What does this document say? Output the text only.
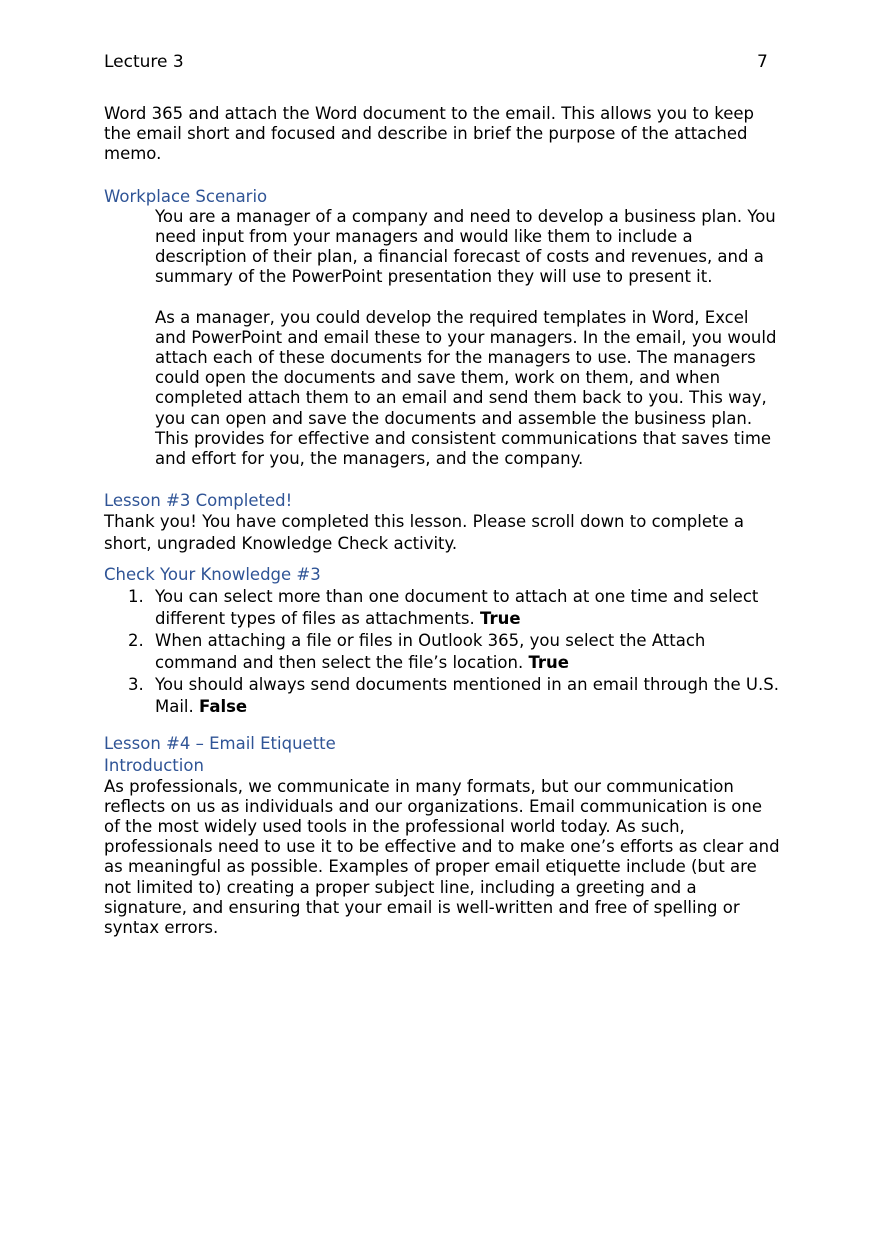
Lecture 3	7

Word 365 and attach the Word document to the email. This allows you to keep the email short and focused and describe in brief the purpose of the attached memo.

Workplace Scenario

You are a manager of a company and need to develop a business plan. You need input from your managers and would like them to include a description of their plan, a financial forecast of costs and revenues, and a summary of the PowerPoint presentation they will use to present it.

As a manager, you could develop the required templates in Word, Excel and PowerPoint and email these to your managers. In the email, you would attach each of these documents for the managers to use. The managers could open the documents and save them, work on them, and when completed attach them to an email and send them back to you. This way, you can open and save the documents and assemble the business plan. This provides for effective and consistent communications that saves time and effort for you, the managers, and the company.

Lesson #3 Completed!

Thank you! You have completed this lesson. Please scroll down to complete a short, ungraded Knowledge Check activity.

Check Your Knowledge #3

1. You can select more than one document to attach at one time and select different types of files as attachments. True
2. When attaching a file or files in Outlook 365, you select the Attach command and then select the file’s location. True
3. You should always send documents mentioned in an email through the U.S. Mail. False

Lesson #4 – Email Etiquette

Introduction

As professionals, we communicate in many formats, but our communication reflects on us as individuals and our organizations. Email communication is one of the most widely used tools in the professional world today. As such, professionals need to use it to be effective and to make one’s efforts as clear and as meaningful as possible. Examples of proper email etiquette include (but are not limited to) creating a proper subject line, including a greeting and a signature, and ensuring that your email is well-written and free of spelling or syntax errors.
